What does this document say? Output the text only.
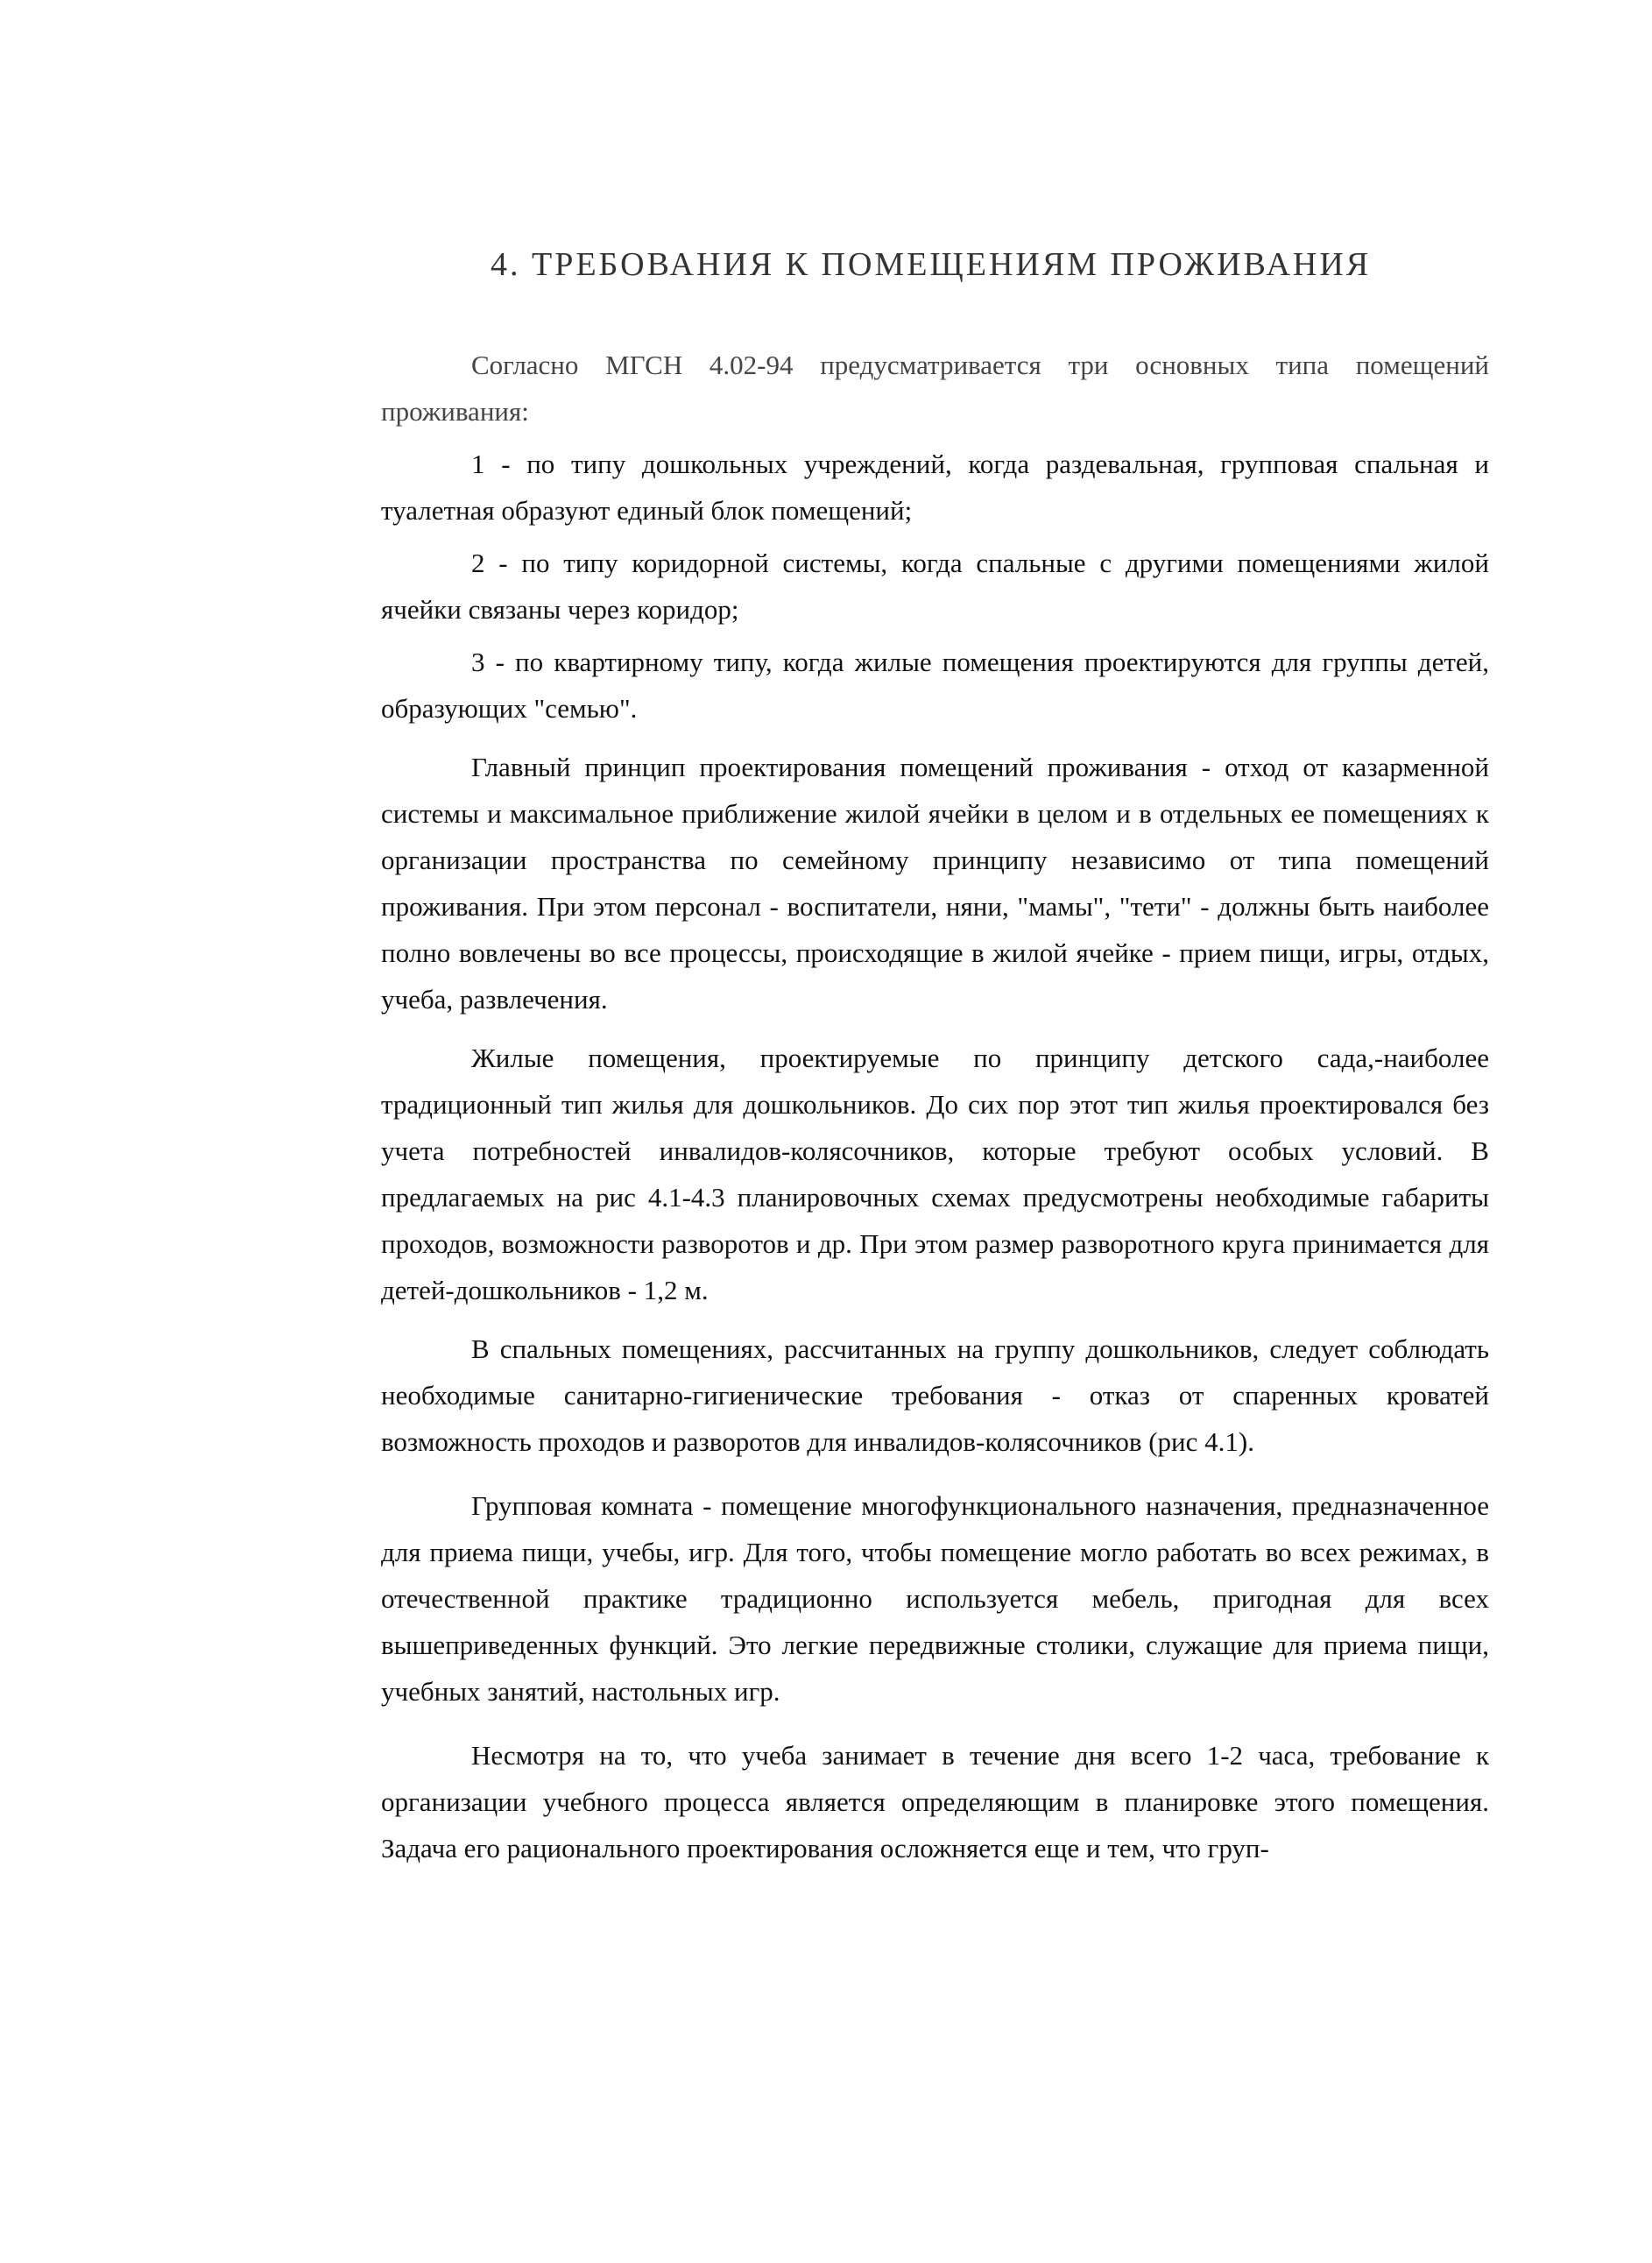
4. ТРЕБОВАНИЯ К ПОМЕЩЕНИЯМ ПРОЖИВАНИЯ

Согласно МГСН 4.02-94 предусматривается три основных типа помещений проживания:

1 - по типу дошкольных учреждений, когда раздевальная, групповая спальная и туалетная образуют единый блок помещений;

2 - по типу коридорной системы, когда спальные с другими помещениями жилой ячейки связаны через коридор;

3 - по квартирному типу, когда жилые помещения проектируются для группы детей, образующих "семью".

Главный принцип проектирования помещений проживания - отход от казарменной системы и максимальное приближение жилой ячейки в целом и в отдельных ее помещениях к организации пространства по семейному принципу независимо от типа помещений проживания. При этом персонал - воспитатели, няни, "мамы", "тети" - должны быть наиболее полно вовлечены во все процессы, происходящие в жилой ячейке - прием пищи, игры, отдых, учеба, развлечения.

Жилые помещения, проектируемые по принципу детского сада,-наиболее традиционный тип жилья для дошкольников. До сих пор этот тип жилья проектировался без учета потребностей инвалидов-колясочников, которые требуют особых условий. В предлагаемых на рис 4.1-4.3 планировочных схемах предусмотрены необходимые габариты проходов, возможности разворотов и др. При этом размер разворотного круга принимается для детей-дошкольников - 1,2 м.

В спальных помещениях, рассчитанных на группу дошкольников, следует соблюдать необходимые санитарно-гигиенические требования - отказ от спаренных кроватей возможность проходов и разворотов для инвалидов-колясочников (рис 4.1).

Групповая комната - помещение многофункционального назначения, предназначенное для приема пищи, учебы, игр. Для того, чтобы помещение могло работать во всех режимах, в отечественной практике традиционно используется мебель, пригодная для всех вышеприведенных функций. Это легкие передвижные столики, служащие для приема пищи, учебных занятий, настольных игр.

Несмотря на то, что учеба занимает в течение дня всего 1-2 часа, требование к организации учебного процесса является определяющим в планировке этого помещения. Задача его рационального проектирования осложняется еще и тем, что груп-
